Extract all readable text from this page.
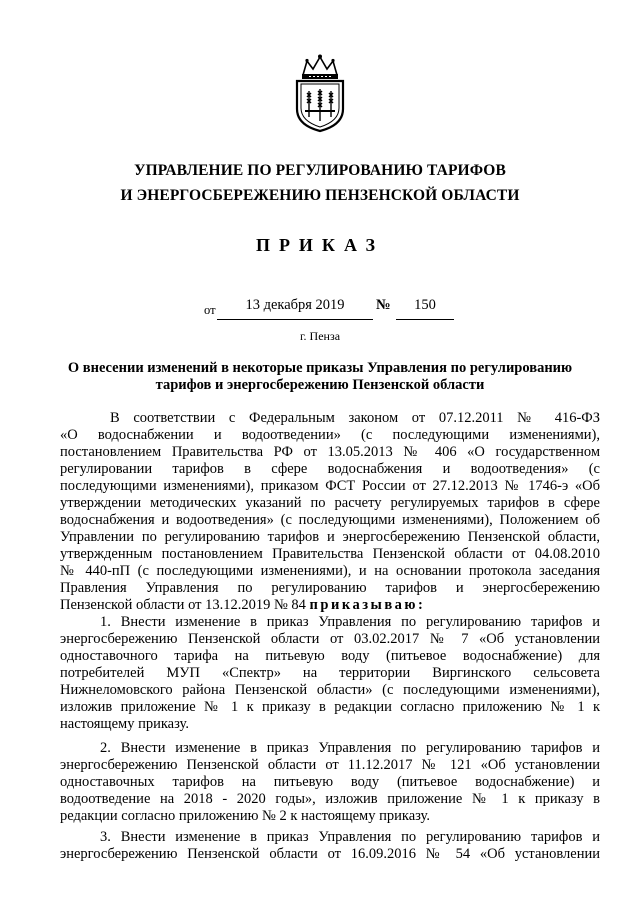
УПРАВЛЕНИЕ ПО РЕГУЛИРОВАНИЮ ТАРИФОВ
И ЭНЕРГОСБЕРЕЖЕНИЮ ПЕНЗЕНСКОЙ ОБЛАСТИ
ПРИКАЗ
от	13 декабря 2019	№	150
г. Пенза
О внесении изменений в некоторые приказы Управления по регулированию
тарифов и энергосбережению Пензенской области
В соответствии с Федеральным законом от 07.12.2011 № 416-ФЗ
«О водоснабжении и водоотведении» (с последующими изменениями),
постановлением Правительства РФ от 13.05.2013 № 406 «О государственном
регулировании тарифов в сфере водоснабжения и водоотведения» (с
последующими изменениями), приказом ФСТ России от 27.12.2013 № 1746-э «Об
утверждении методических указаний по расчету регулируемых тарифов в сфере
водоснабжения и водоотведения» (с последующими изменениями), Положением об
Управлении по регулированию тарифов и энергосбережению Пензенской области,
утвержденным постановлением Правительства Пензенской области от 04.08.2010
№ 440-пП (с последующими изменениями), и на основании протокола заседания
Правления Управления по регулированию тарифов и энергосбережению
Пензенской области от 13.12.2019 № 84 приказываю:
1. Внести изменение в приказ Управления по регулированию тарифов и
энергосбережению Пензенской области от 03.02.2017 № 7 «Об установлении
одноставочного тарифа на питьевую воду (питьевое водоснабжение) для
потребителей МУП «Спектр» на территории Виргинского сельсовета
Нижнеломовского района Пензенской области» (с последующими изменениями),
изложив приложение № 1 к приказу в редакции согласно приложению № 1 к
настоящему приказу.
2. Внести изменение в приказ Управления по регулированию тарифов и
энергосбережению Пензенской области от 11.12.2017 № 121 «Об установлении
одноставочных тарифов на питьевую воду (питьевое водоснабжение) и
водоотведение на 2018 - 2020 годы», изложив приложение № 1 к приказу в
редакции согласно приложению № 2 к настоящему приказу.
3. Внести изменение в приказ Управления по регулированию тарифов и
энергосбережению Пензенской области от 16.09.2016 № 54 «Об установлении
